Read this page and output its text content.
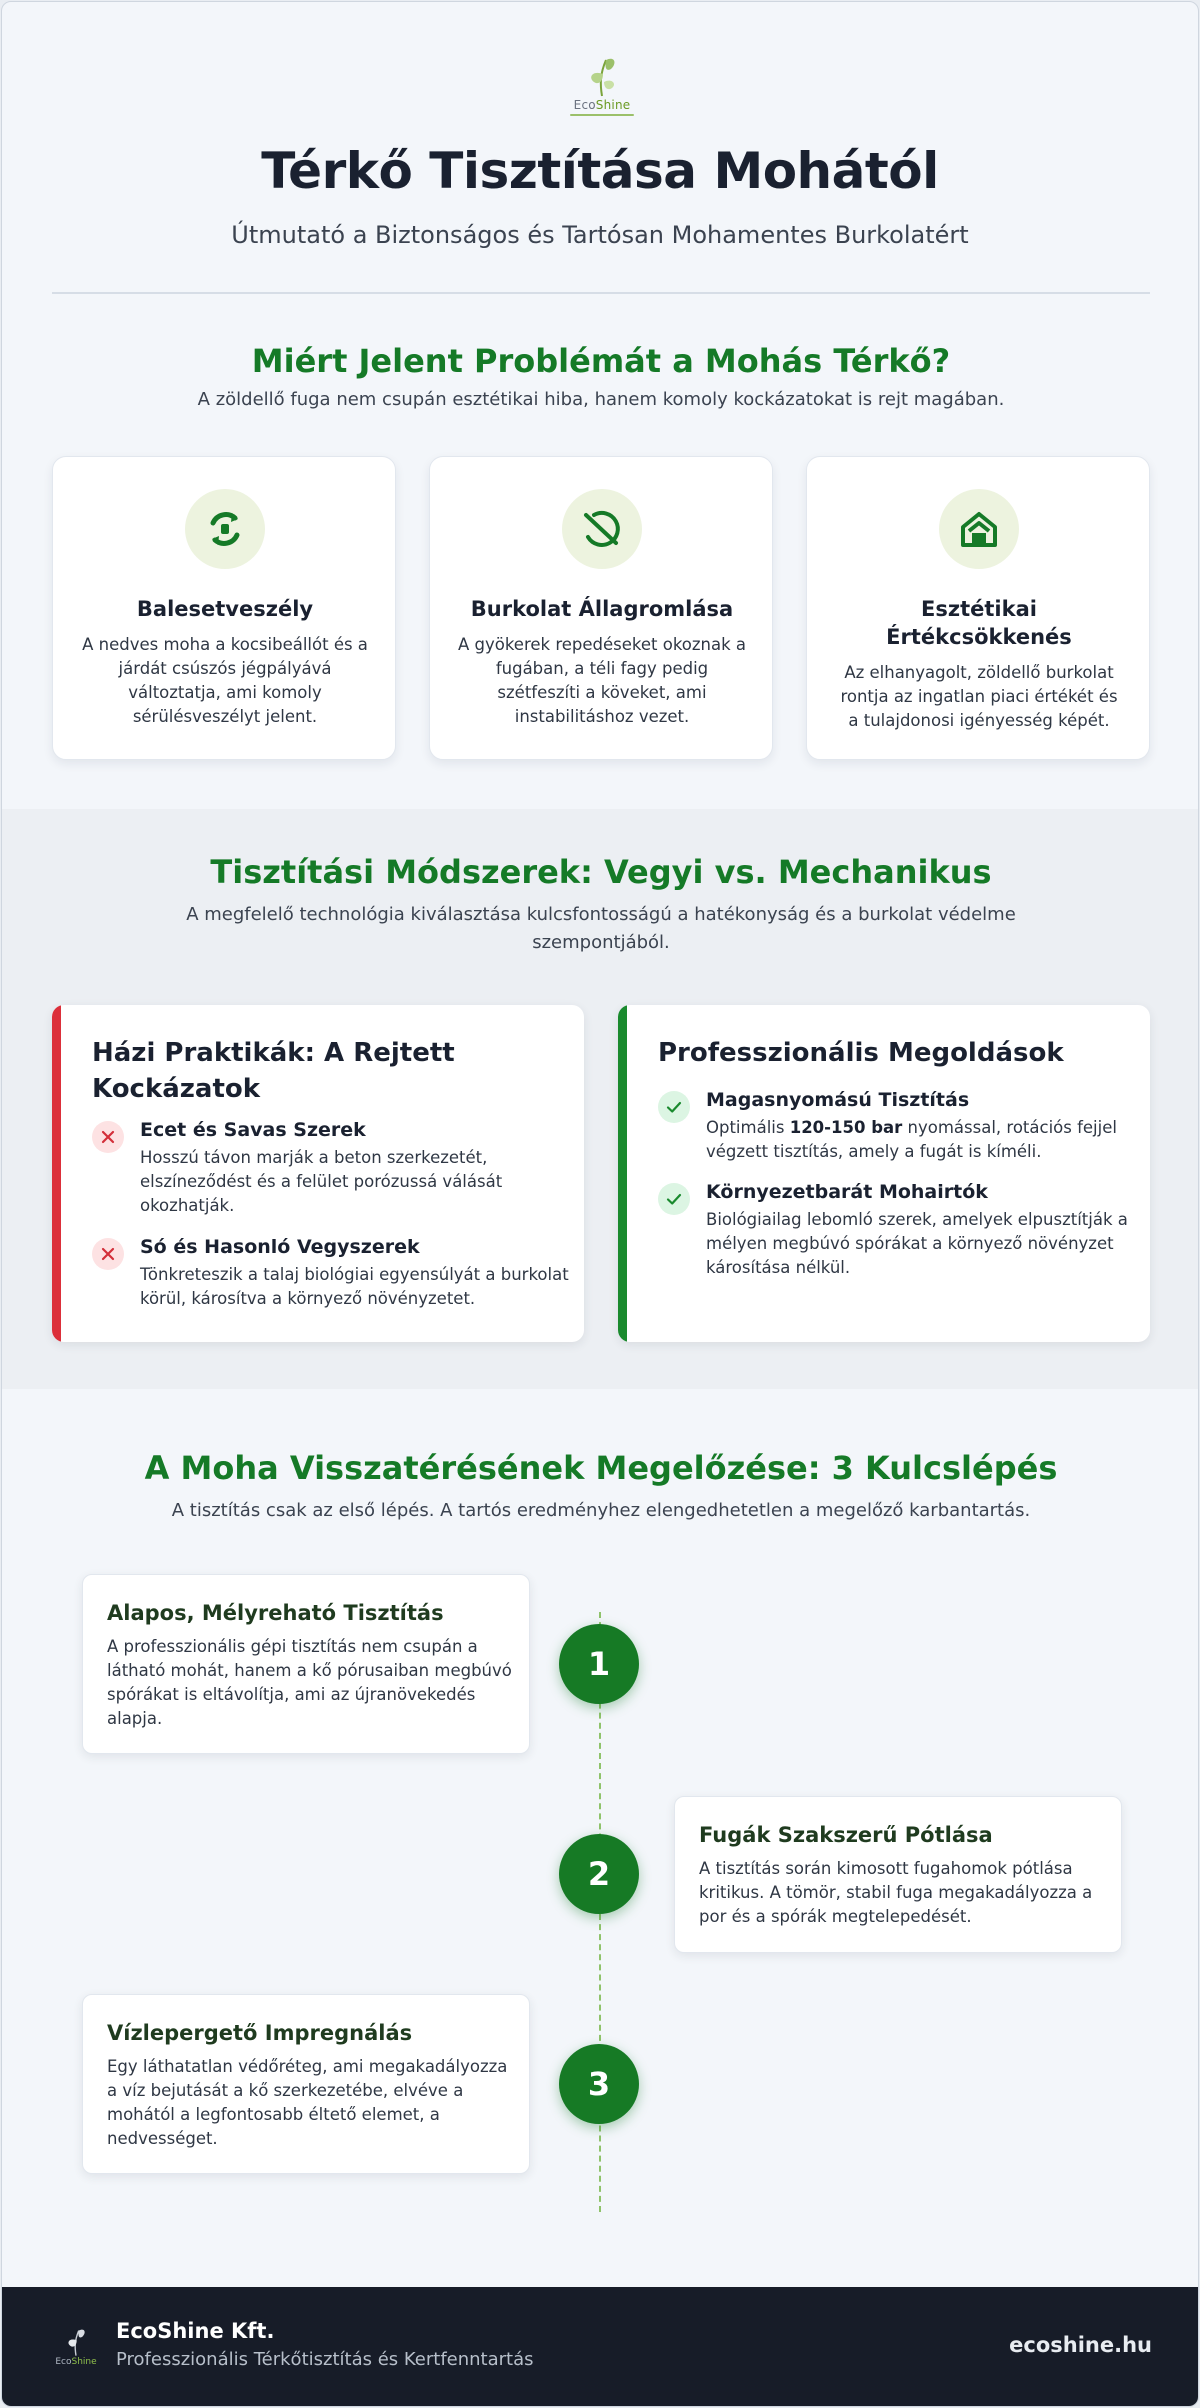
EcoShine
Térkő Tisztítása Mohától
Útmutató a Biztonságos és Tartósan Mohamentes Burkolatért
Miért Jelent Problémát a Mohás Térkő?
A zöldellő fuga nem csupán esztétikai hiba, hanem komoly kockázatokat is rejt magában.
Balesetveszély

A nedves moha a kocsibeállót és a járdát csúszós jégpályává változtatja, ami komoly sérülésveszélyt jelent.

Burkolat Állagromlása

A gyökerek repedéseket okoznak a fugában, a téli fagy pedig szétfeszíti a köveket, ami instabilitáshoz vezet.

Esztétikai Értékcsökkenés

Az elhanyagolt, zöldellő burkolat rontja az ingatlan piaci értékét és a tulajdonosi igényesség képét.

Tisztítási Módszerek: Vegyi vs. Mechanikus
A megfelelő technológia kiválasztása kulcsfontosságú a hatékonyság és a burkolat védelme szempontjából.
Házi Praktikák: A Rejtett Kockázatok
Ecet és Savas Szerek

Hosszú távon marják a beton szerkezetét, elszíneződést és a felület porózussá válását okozhatják.

Só és Hasonló Vegyszerek

Tönkreteszik a talaj biológiai egyensúlyát a burkolat körül, károsítva a környező növényzetet.

Professzionális Megoldások
Magasnyomású Tisztítás

Optimális 120-150 bar nyomással, rotációs fejjel végzett tisztítás, amely a fugát is kíméli.

Környezetbarát Mohairtók

Biológiailag lebomló szerek, amelyek elpusztítják a mélyen megbúvó spórákat a környező növényzet károsítása nélkül.

A Moha Visszatérésének Megelőzése: 3 Kulcslépés
A tisztítás csak az első lépés. A tartós eredményhez elengedhetetlen a megelőző karbantartás.
Alapos, Mélyreható Tisztítás

A professzionális gépi tisztítás nem csupán a látható mohát, hanem a kő pórusaiban megbúvó spórákat is eltávolítja, ami az újranövekedés alapja.

1
Fugák Szakszerű Pótlása

A tisztítás során kimosott fugahomok pótlása kritikus. A tömör, stabil fuga megakadályozza a por és a spórák megtelepedését.

2
Vízlepergető Impregnálás

Egy láthatatlan védőréteg, ami megakadályozza a víz bejutását a kő szerkezetébe, elvéve a mohától a legfontosabb éltető elemet, a nedvességet.

3
EcoShine
EcoShine Kft.
Professzionális Térkőtisztítás és Kertfenntartás
ecoshine.hu
